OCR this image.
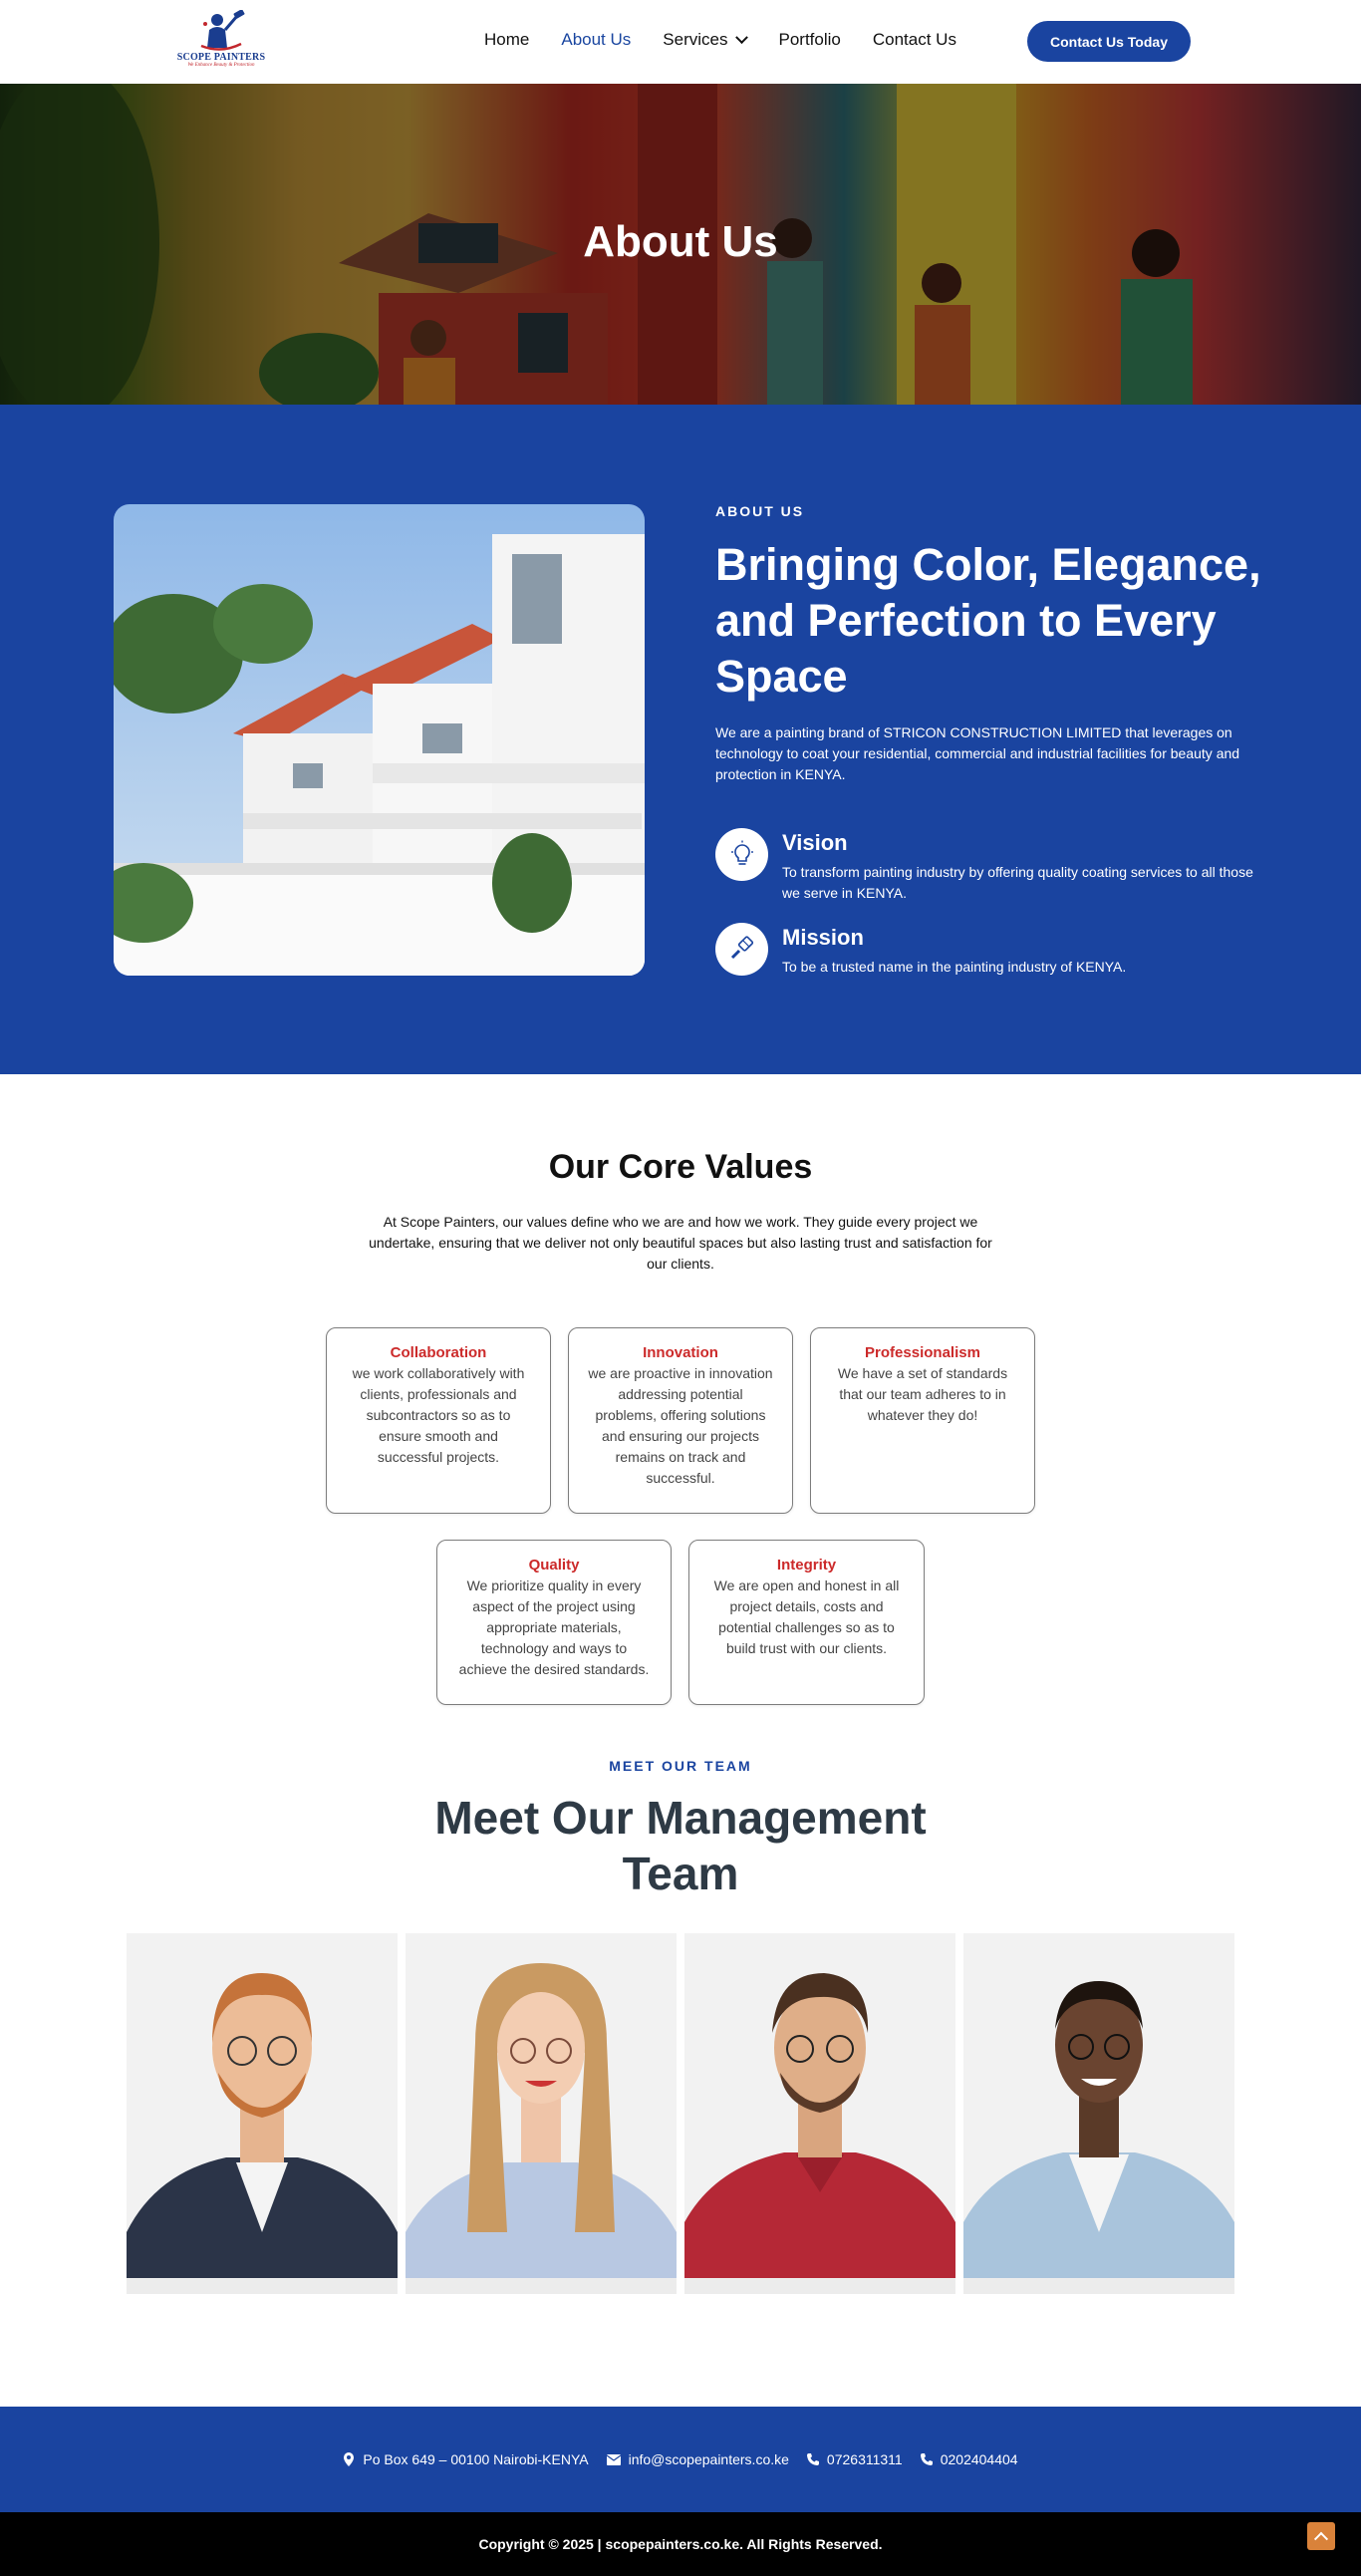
SCOPE PAINTERS
We Enhance Beauty & Protection
Home About Us Services	Portfolio Contact Us	Contact Us Today
About Us
ABOUT US
Bringing Color, Elegance, and Perfection to Every Space

We are a painting brand of STRICON CONSTRUCTION LIMITED that leverages on technology to coat your residential, commercial and industrial facilities for beauty and protection in KENYA.

Vision
To transform painting industry by offering quality coating services to all those we serve in KENYA.
Mission
To be a trusted name in the painting industry of KENYA.
Our Core Values

At Scope Painters, our values define who we are and how we work. They guide every project we undertake, ensuring that we deliver not only beautiful spaces but also lasting trust and satisfaction for our clients.

Collaboration
we work collaboratively with clients, professionals and subcontractors so as to ensure smooth and successful projects.
Innovation
we are proactive in innovation addressing potential problems, offering solutions and ensuring our projects remains on track and successful.
Professionalism
We have a set of standards that our team adheres to in whatever they do!
Quality
We prioritize quality in every aspect of the project using appropriate materials, technology and ways to achieve the desired standards.
Integrity
We are open and honest in all project details, costs and potential challenges so as to build trust with our clients.
MEET OUR TEAM
Meet Our Management Team
Po Box 649 – 00100 Nairobi-KENYA	info@scopepainters.co.ke	0726311311	0202404404
Copyright © 2025 | scopepainters.co.ke. All Rights Reserved.
